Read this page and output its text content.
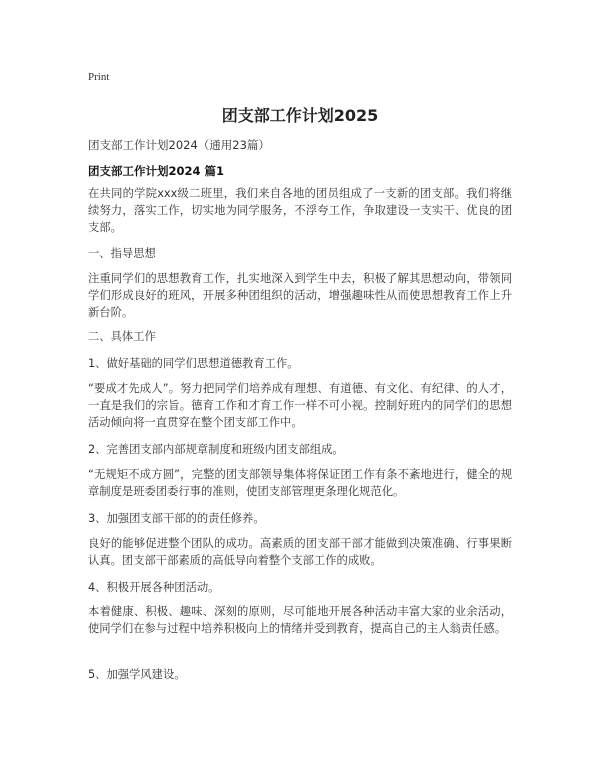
Print
团支部工作计划2025
团支部工作计划2024（通用23篇）
团支部工作计划2024 篇1
在共同的学院xxx级二班里，我们来自各地的团员组成了一支新的团支部。我们将继续努力，落实工作，切实地为同学服务，不浮夸工作，争取建设一支实干、优良的团支部。
一、指导思想
注重同学们的思想教育工作，扎实地深入到学生中去，积极了解其思想动向，带领同学们形成良好的班风，开展多种团组织的活动，增强趣味性从而使思想教育工作上升新台阶。
二、具体工作
1、做好基础的同学们思想道德教育工作。
“要成才先成人”。努力把同学们培养成有理想、有道德、有文化、有纪律、的人才，一直是我们的宗旨。德育工作和才育工作一样不可小视。控制好班内的同学们的思想活动倾向将一直贯穿在整个团支部工作中。
2、完善团支部内部规章制度和班级内团支部组成。
“无规矩不成方圆”，完整的团支部领导集体将保证团工作有条不紊地进行，健全的规章制度是班委团委行事的准则，使团支部管理更条理化规范化。
3、加强团支部干部的的责任修养。
良好的能够促进整个团队的成功。高素质的团支部干部才能做到决策准确、行事果断认真。团支部干部素质的高低导向着整个支部工作的成败。
4、积极开展各种团活动。
本着健康、积极、趣味、深刻的原则，尽可能地开展各种活动丰富大家的业余活动，使同学们在参与过程中培养积极向上的情绪并受到教育，提高自己的主人翁责任感。
5、加强学风建设。
